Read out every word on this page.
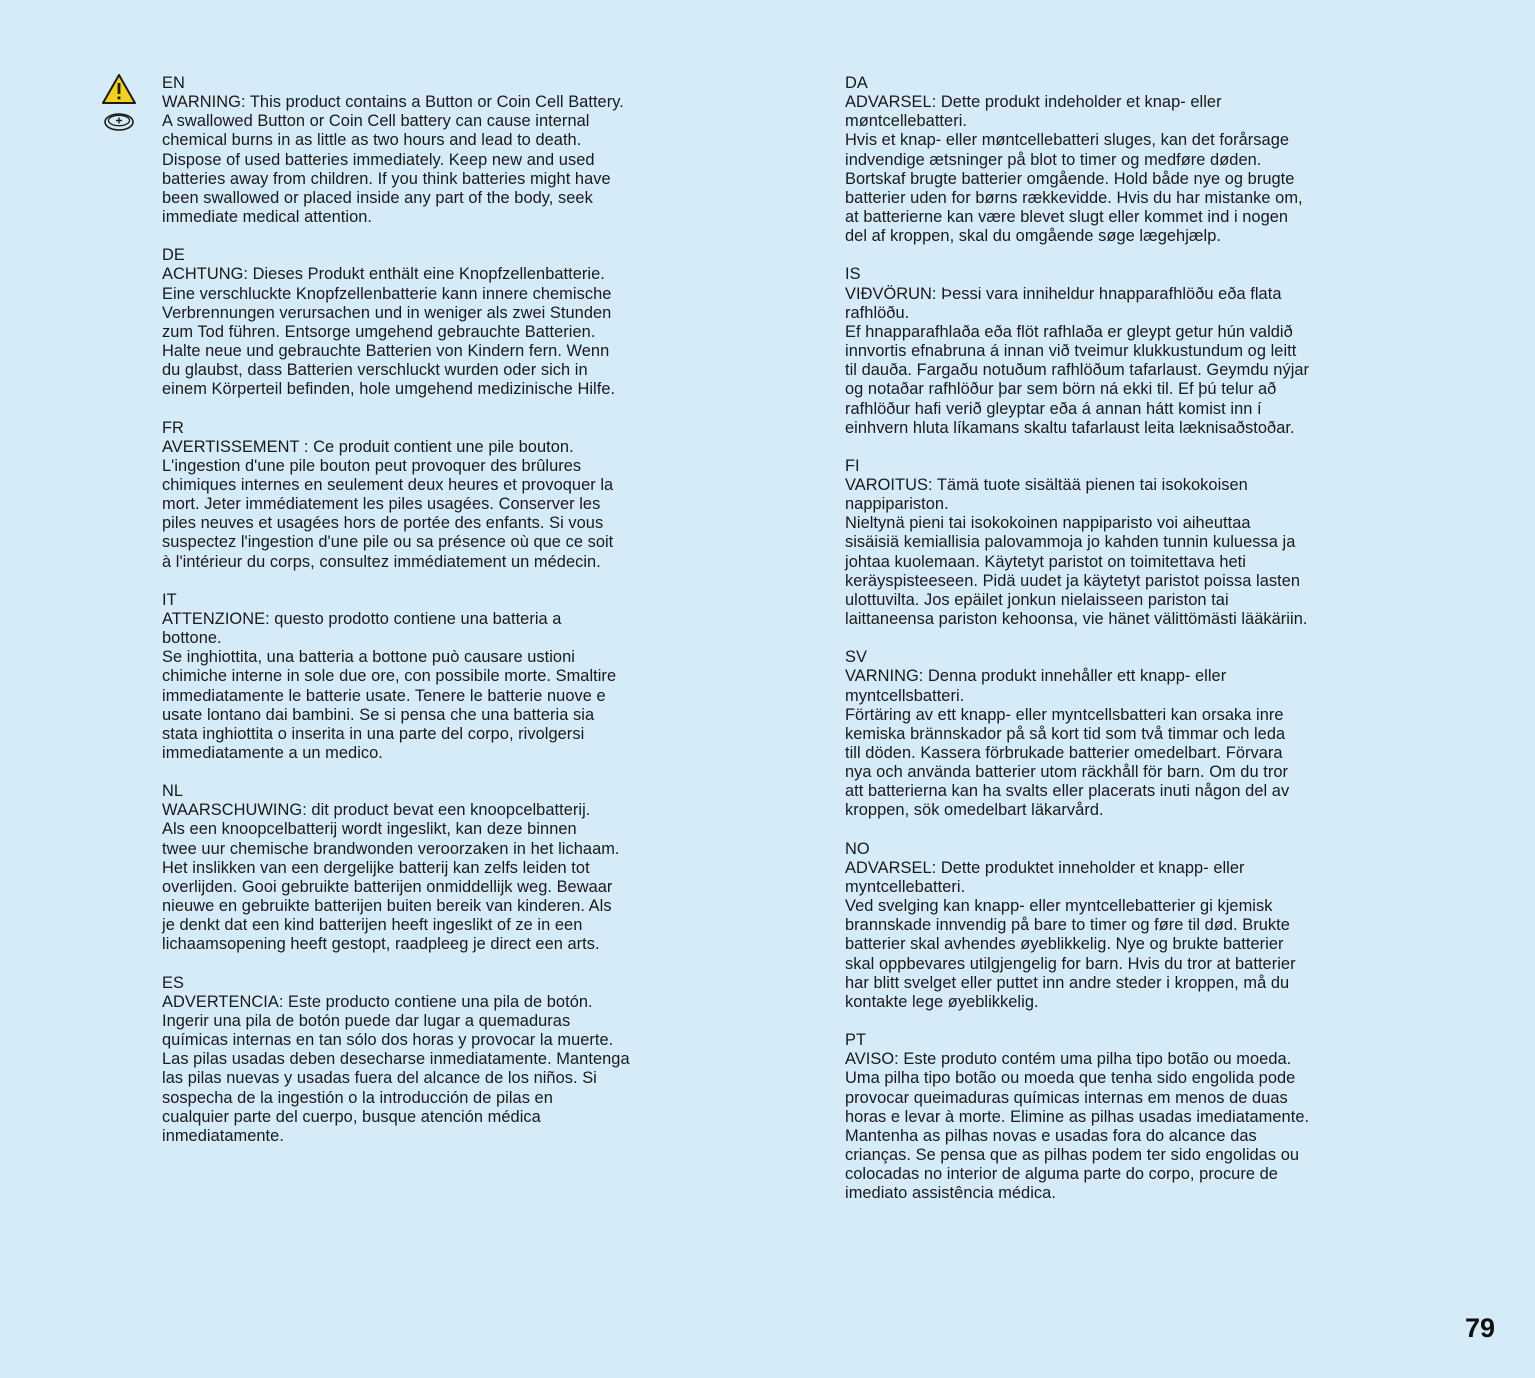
EN
WARNING: This product contains a Button or Coin Cell Battery.
A swallowed Button or Coin Cell battery can cause internal
chemical burns in as little as two hours and lead to death.
Dispose of used batteries immediately. Keep new and used
batteries away from children. If you think batteries might have
been swallowed or placed inside any part of the body, seek
immediate medical attention.
DE
ACHTUNG: Dieses Produkt enthält eine Knopfzellenbatterie.
Eine verschluckte Knopfzellenbatterie kann innere chemische
Verbrennungen verursachen und in weniger als zwei Stunden
zum Tod führen. Entsorge umgehend gebrauchte Batterien.
Halte neue und gebrauchte Batterien von Kindern fern. Wenn
du glaubst, dass Batterien verschluckt wurden oder sich in
einem Körperteil befinden, hole umgehend medizinische Hilfe.
FR
AVERTISSEMENT : Ce produit contient une pile bouton.
L'ingestion d'une pile bouton peut provoquer des brûlures
chimiques internes en seulement deux heures et provoquer la
mort. Jeter immédiatement les piles usagées. Conserver les
piles neuves et usagées hors de portée des enfants. Si vous
suspectez l'ingestion d'une pile ou sa présence où que ce soit
à l'intérieur du corps, consultez immédiatement un médecin.
IT
ATTENZIONE: questo prodotto contiene una batteria a
bottone.
Se inghiottita, una batteria a bottone può causare ustioni
chimiche interne in sole due ore, con possibile morte. Smaltire
immediatamente le batterie usate. Tenere le batterie nuove e
usate lontano dai bambini. Se si pensa che una batteria sia
stata inghiottita o inserita in una parte del corpo, rivolgersi
immediatamente a un medico.
NL
WAARSCHUWING: dit product bevat een knoopcelbatterij.
Als een knoopcelbatterij wordt ingeslikt, kan deze binnen
twee uur chemische brandwonden veroorzaken in het lichaam.
Het inslikken van een dergelijke batterij kan zelfs leiden tot
overlijden. Gooi gebruikte batterijen onmiddellijk weg. Bewaar
nieuwe en gebruikte batterijen buiten bereik van kinderen. Als
je denkt dat een kind batterijen heeft ingeslikt of ze in een
lichaamsopening heeft gestopt, raadpleeg je direct een arts.
ES
ADVERTENCIA: Este producto contiene una pila de botón.
Ingerir una pila de botón puede dar lugar a quemaduras
químicas internas en tan sólo dos horas y provocar la muerte.
Las pilas usadas deben desecharse inmediatamente. Mantenga
las pilas nuevas y usadas fuera del alcance de los niños. Si
sospecha de la ingestión o la introducción de pilas en
cualquier parte del cuerpo, busque atención médica
inmediatamente.
DA
ADVARSEL: Dette produkt indeholder et knap- eller
møntcellebatteri.
Hvis et knap- eller møntcellebatteri sluges, kan det forårsage
indvendige ætsninger på blot to timer og medføre døden.
Bortskaf brugte batterier omgående. Hold både nye og brugte
batterier uden for børns rækkevidde. Hvis du har mistanke om,
at batterierne kan være blevet slugt eller kommet ind i nogen
del af kroppen, skal du omgående søge lægehjælp.
IS
VIÐVÖRUN: Þessi vara inniheldur hnapparafhlöðu eða flata
rafhlöðu.
Ef hnapparafhlaða eða flöt rafhlaða er gleypt getur hún valdið
innvortis efnabruna á innan við tveimur klukkustundum og leitt
til dauða. Fargaðu notuðum rafhlöðum tafarlaust. Geymdu nýjar
og notaðar rafhlöður þar sem börn ná ekki til. Ef þú telur að
rafhlöður hafi verið gleyptar eða á annan hátt komist inn í
einhvern hluta líkamans skaltu tafarlaust leita læknisaðstoðar.
FI
VAROITUS: Tämä tuote sisältää pienen tai isokokoisen
nappipariston.
Nieltynä pieni tai isokokoinen nappiparisto voi aiheuttaa
sisäisiä kemiallisia palovammoja jo kahden tunnin kuluessa ja
johtaa kuolemaan. Käytetyt paristot on toimitettava heti
keräyspisteeseen. Pidä uudet ja käytetyt paristot poissa lasten
ulottuvilta. Jos epäilet jonkun nielaisseen pariston tai
laittaneensa pariston kehoonsa, vie hänet välittömästi lääkäriin.
SV
VARNING: Denna produkt innehåller ett knapp- eller
myntcellsbatteri.
Förtäring av ett knapp- eller myntcellsbatteri kan orsaka inre
kemiska brännskador på så kort tid som två timmar och leda
till döden. Kassera förbrukade batterier omedelbart. Förvara
nya och använda batterier utom räckhåll för barn. Om du tror
att batterierna kan ha svalts eller placerats inuti någon del av
kroppen, sök omedelbart läkarvård.
NO
ADVARSEL: Dette produktet inneholder et knapp- eller
myntcellebatteri.
Ved svelging kan knapp- eller myntcellebatterier gi kjemisk
brannskade innvendig på bare to timer og føre til død. Brukte
batterier skal avhendes øyeblikkelig. Nye og brukte batterier
skal oppbevares utilgjengelig for barn. Hvis du tror at batterier
har blitt svelget eller puttet inn andre steder i kroppen, må du
kontakte lege øyeblikkelig.
PT
AVISO: Este produto contém uma pilha tipo botão ou moeda.
Uma pilha tipo botão ou moeda que tenha sido engolida pode
provocar queimaduras químicas internas em menos de duas
horas e levar à morte. Elimine as pilhas usadas imediatamente.
Mantenha as pilhas novas e usadas fora do alcance das
crianças. Se pensa que as pilhas podem ter sido engolidas ou
colocadas no interior de alguma parte do corpo, procure de
imediato assistência médica.
79
